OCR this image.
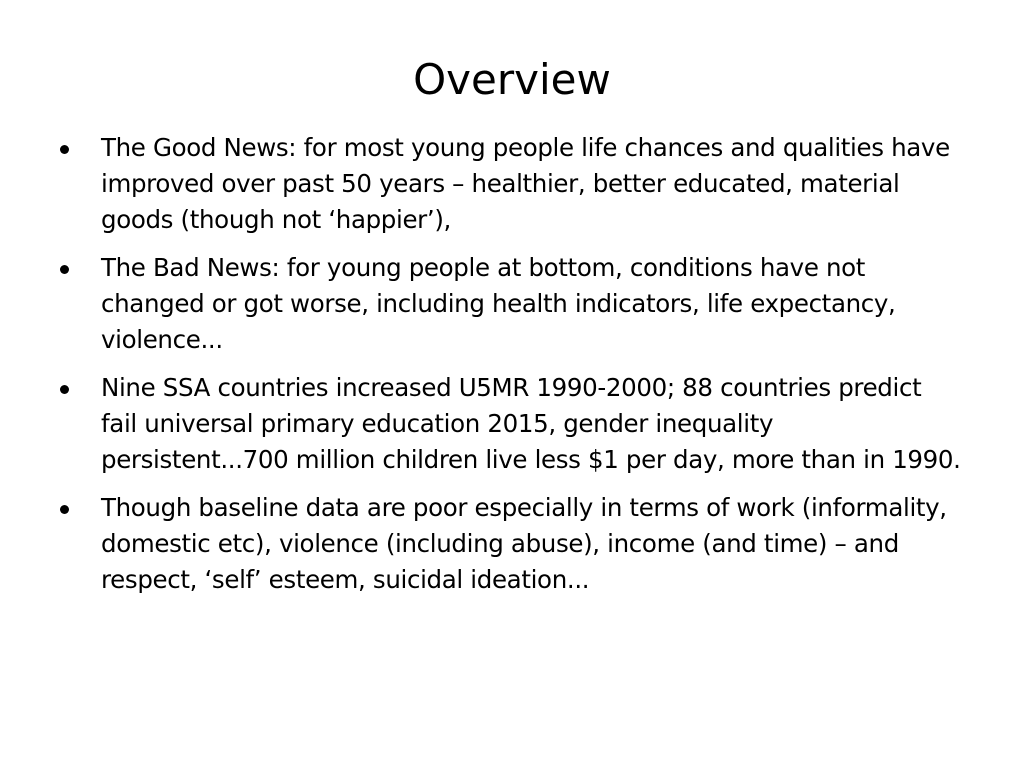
Overview
The Good News: for most young people life chances and qualities have improved over past 50 years – healthier, better educated, material goods (though not ‘happier’),
The Bad News: for young people at bottom, conditions have not changed or got worse, including health indicators, life expectancy, violence...
Nine SSA countries increased U5MR 1990-2000; 88 countries predict fail universal primary education 2015, gender inequality persistent...700 million children live less $1 per day, more than in 1990.
Though baseline data are poor especially in terms of work (informality, domestic etc), violence (including abuse), income (and time) – and respect, ‘self’ esteem, suicidal ideation...
